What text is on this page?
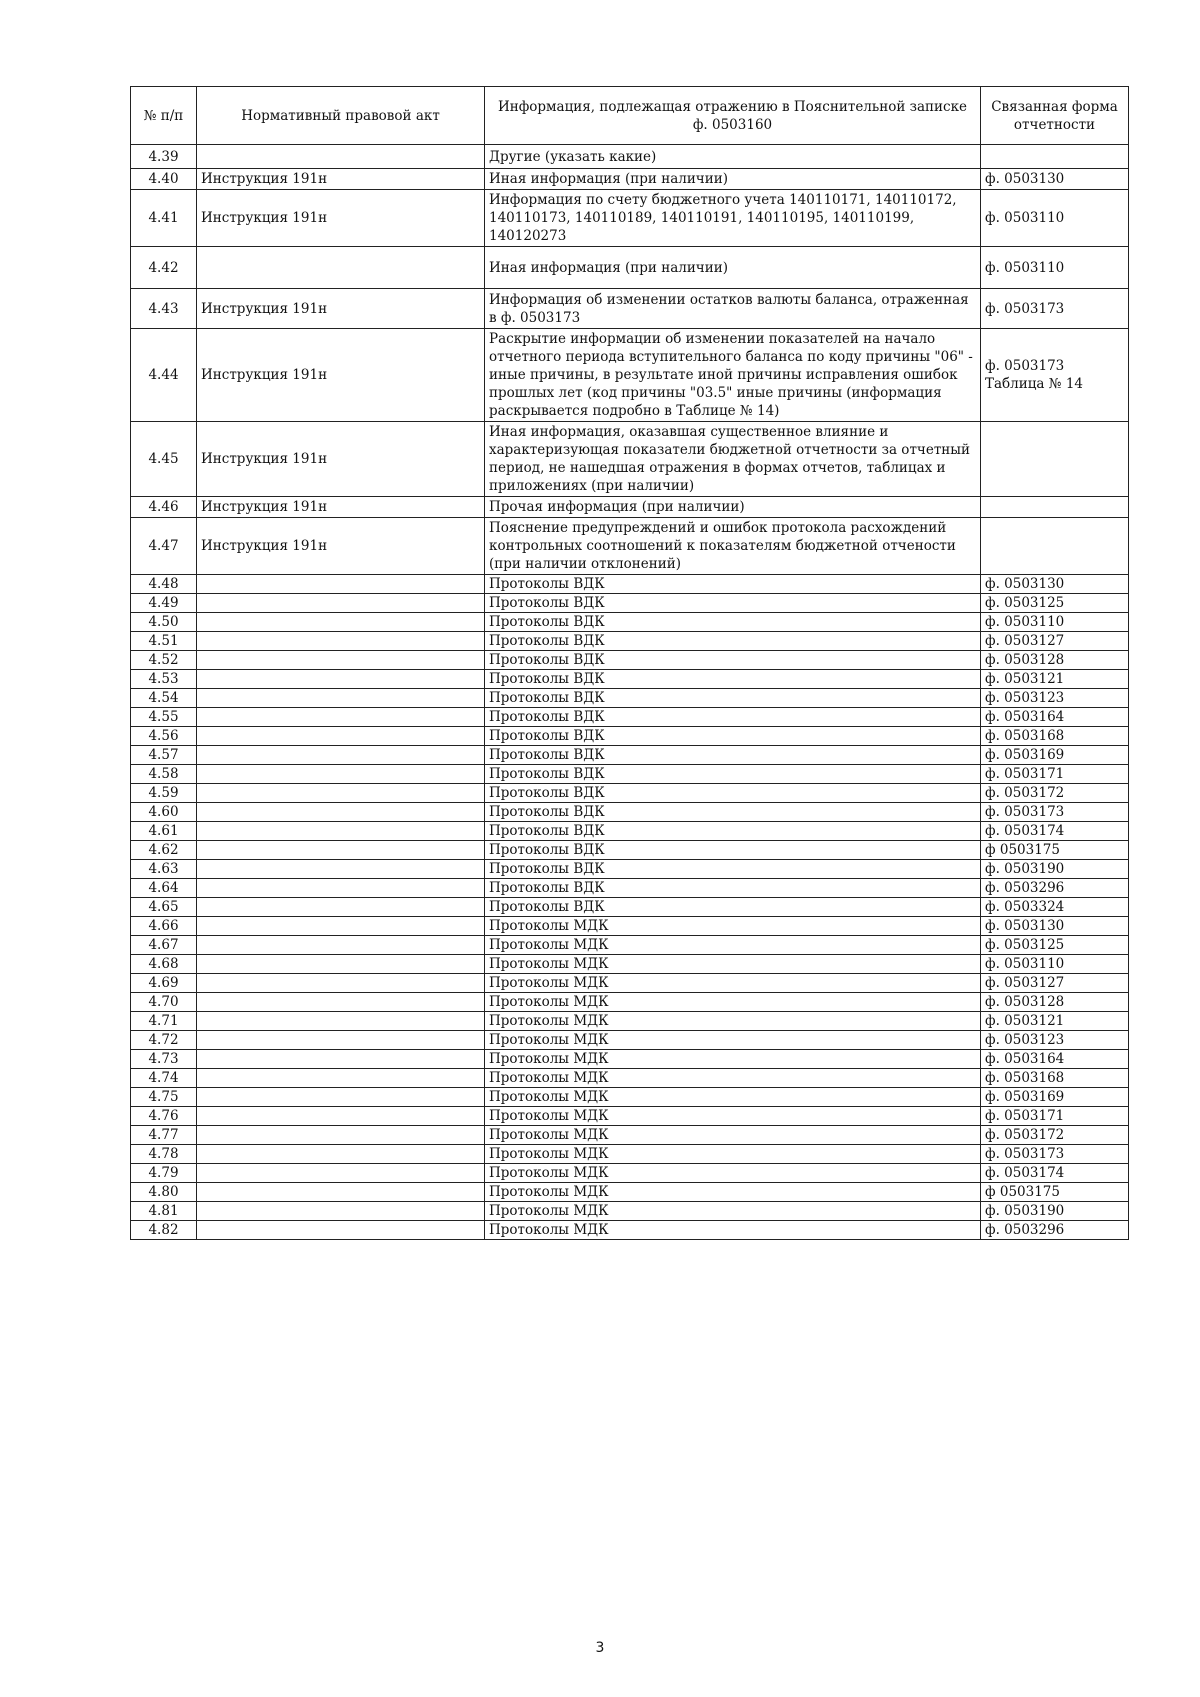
№ п/п	Нормативный правовой акт	Информация, подлежащая отражению в Пояснительной записке ф. 0503160	Связанная форма отчетности
4.39		Другие (указать какие)	
4.40	Инструкция 191н	Иная информация (при наличии)	ф. 0503130
4.41	Инструкция 191н	Информация по счету бюджетного учета 140110171, 140110172, 140110173, 140110189, 140110191, 140110195, 140110199, 140120273	ф. 0503110
4.42		Иная информация (при наличии)	ф. 0503110
4.43	Инструкция 191н	Информация об изменении остатков валюты баланса, отраженная в ф. 0503173	ф. 0503173
4.44	Инструкция 191н	Раскрытие информации об изменении показателей на начало отчетного периода вступительного баланса по коду причины "06" - иные причины, в результате иной причины исправления ошибок прошлых лет (код причины "03.5" иные причины (информация раскрывается подробно в Таблице № 14)	ф. 0503173 Таблица № 14
4.45	Инструкция 191н	Иная информация, оказавшая существенное влияние и характеризующая показатели бюджетной отчетности за отчетный период, не нашедшая отражения в формах отчетов, таблицах и приложениях (при наличии)	
4.46	Инструкция 191н	Прочая информация (при наличии)	
4.47	Инструкция 191н	Пояснение предупреждений и ошибок протокола расхождений контрольных соотношений к показателям бюджетной отчености (при наличии отклонений)	
4.48		Протоколы ВДК	ф. 0503130
4.49		Протоколы ВДК	ф. 0503125
4.50		Протоколы ВДК	ф. 0503110
4.51		Протоколы ВДК	ф. 0503127
4.52		Протоколы ВДК	ф. 0503128
4.53		Протоколы ВДК	ф. 0503121
4.54		Протоколы ВДК	ф. 0503123
4.55		Протоколы ВДК	ф. 0503164
4.56		Протоколы ВДК	ф. 0503168
4.57		Протоколы ВДК	ф. 0503169
4.58		Протоколы ВДК	ф. 0503171
4.59		Протоколы ВДК	ф. 0503172
4.60		Протоколы ВДК	ф. 0503173
4.61		Протоколы ВДК	ф. 0503174
4.62		Протоколы ВДК	ф 0503175
4.63		Протоколы ВДК	ф. 0503190
4.64		Протоколы ВДК	ф. 0503296
4.65		Протоколы ВДК	ф. 0503324
4.66		Протоколы МДК	ф. 0503130
4.67		Протоколы МДК	ф. 0503125
4.68		Протоколы МДК	ф. 0503110
4.69		Протоколы МДК	ф. 0503127
4.70		Протоколы МДК	ф. 0503128
4.71		Протоколы МДК	ф. 0503121
4.72		Протоколы МДК	ф. 0503123
4.73		Протоколы МДК	ф. 0503164
4.74		Протоколы МДК	ф. 0503168
4.75		Протоколы МДК	ф. 0503169
4.76		Протоколы МДК	ф. 0503171
4.77		Протоколы МДК	ф. 0503172
4.78		Протоколы МДК	ф. 0503173
4.79		Протоколы МДК	ф. 0503174
4.80		Протоколы МДК	ф 0503175
4.81		Протоколы МДК	ф. 0503190
4.82		Протоколы МДК	ф. 0503296
3
